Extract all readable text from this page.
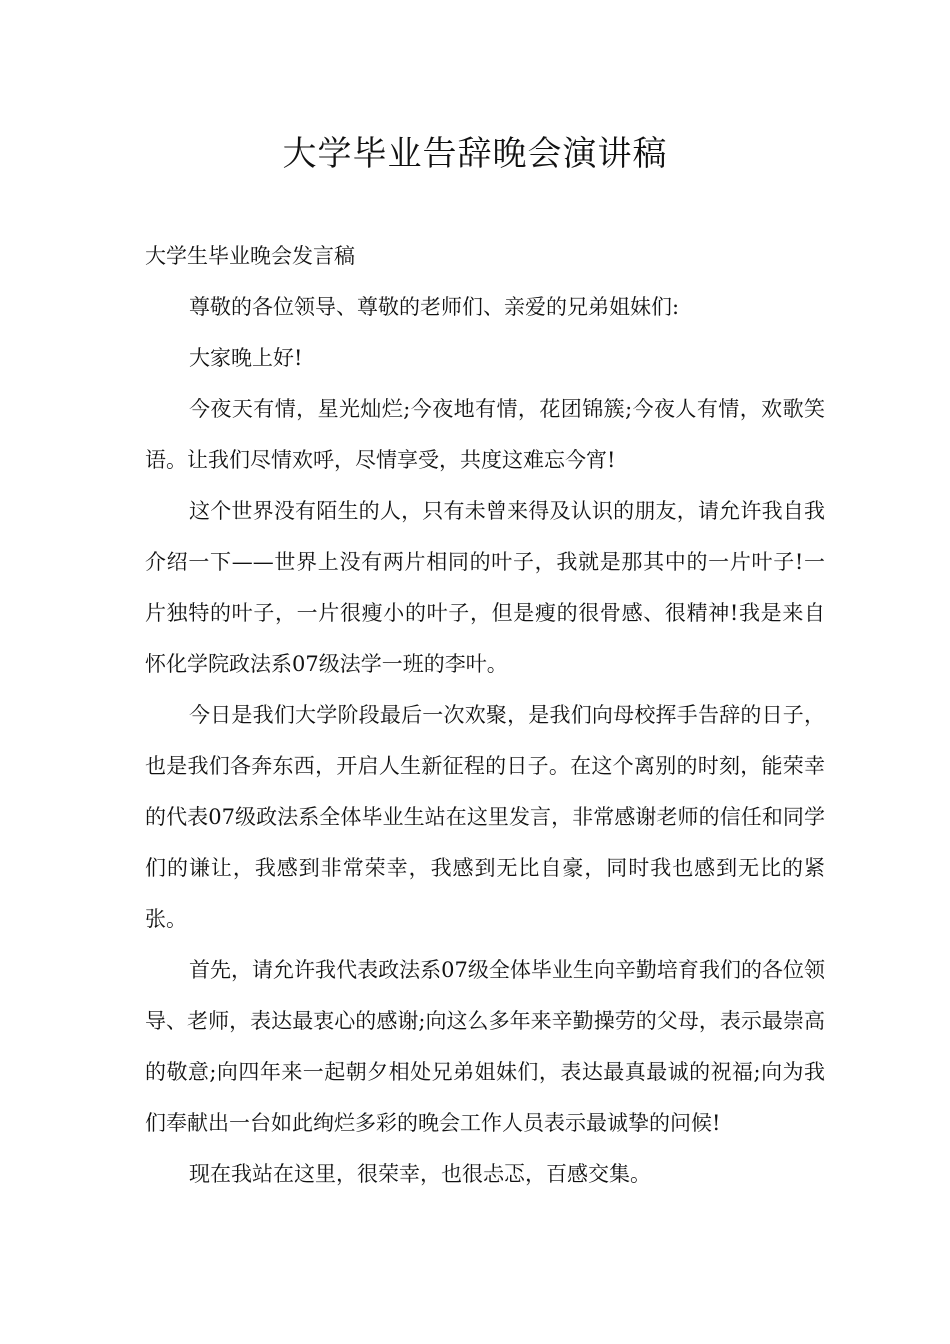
大学毕业告辞晚会演讲稿

大学生毕业晚会发言稿

尊敬的各位领导、尊敬的老师们、亲爱的兄弟姐妹们:

大家晚上好!

今夜天有情，星光灿烂;今夜地有情，花团锦簇;今夜人有情，欢歌笑语。让我们尽情欢呼，尽情享受，共度这难忘今宵!

这个世界没有陌生的人，只有未曾来得及认识的朋友，请允许我自我介绍一下——世界上没有两片相同的叶子，我就是那其中的一片叶子!一片独特的叶子，一片很瘦小的叶子，但是瘦的很骨感、很精神!我是来自怀化学院政法系07级法学一班的李叶。

今日是我们大学阶段最后一次欢聚，是我们向母校挥手告辞的日子，也是我们各奔东西，开启人生新征程的日子。在这个离别的时刻，能荣幸的代表07级政法系全体毕业生站在这里发言，非常感谢老师的信任和同学们的谦让，我感到非常荣幸，我感到无比自豪，同时我也感到无比的紧张。

首先，请允许我代表政法系07级全体毕业生向辛勤培育我们的各位领导、老师，表达最衷心的感谢;向这么多年来辛勤操劳的父母，表示最崇高的敬意;向四年来一起朝夕相处兄弟姐妹们，表达最真最诚的祝福;向为我们奉献出一台如此绚烂多彩的晚会工作人员表示最诚挚的问候!

现在我站在这里，很荣幸，也很忐忑，百感交集。
